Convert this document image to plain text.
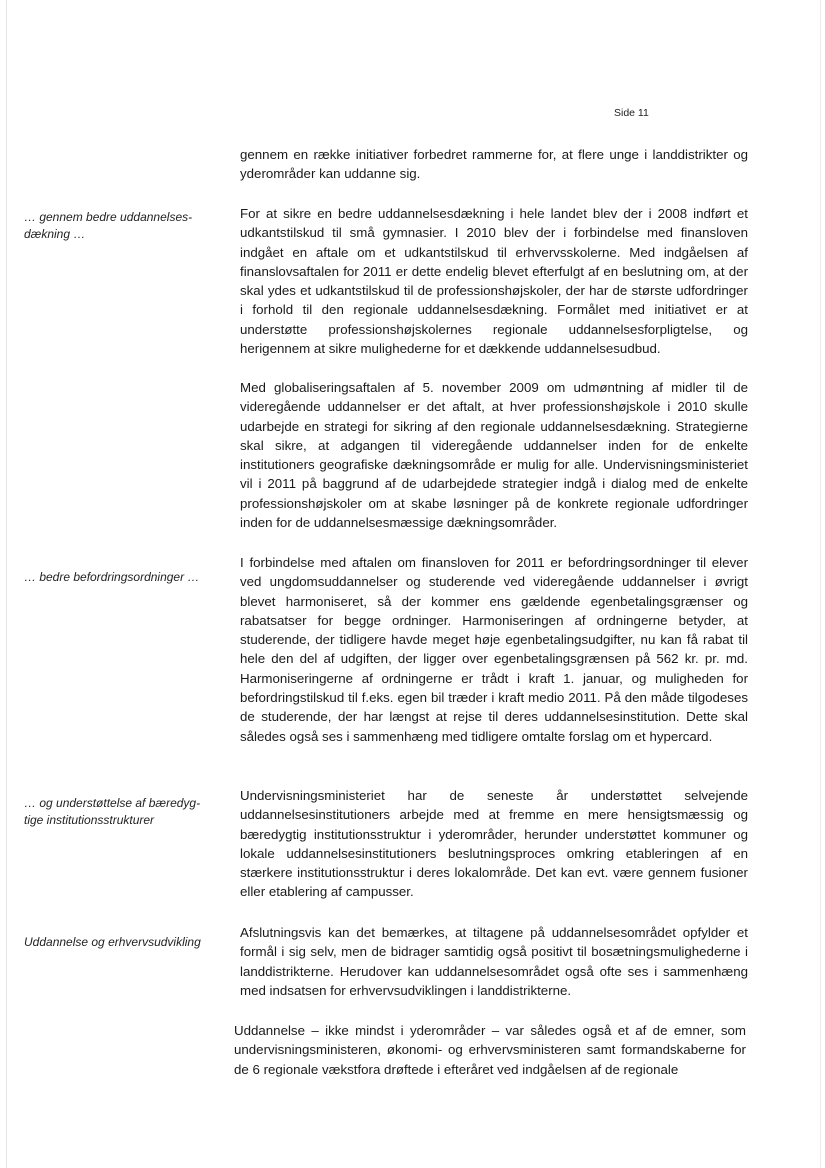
Side 11
… gennem bedre uddannelses-
dækning …
… bedre befordringsordninger …
… og understøttelse af bæredyg-
tige institutionsstrukturer
Uddannelse og erhvervsudvikling
gennem en række initiativer forbedret rammerne for, at flere unge i landdistrikter og yderområder kan uddanne sig.
For at sikre en bedre uddannelsesdækning i hele landet blev der i 2008 indført et udkantstilskud til små gymnasier. I 2010 blev der i forbindelse med finansloven indgået en aftale om et udkantstilskud til erhvervsskolerne. Med indgåelsen af finanslovsaftalen for 2011 er dette endelig blevet efterfulgt af en beslutning om, at der skal ydes et udkantstilskud til de professionshøjskoler, der har de største udfordringer i forhold til den regionale uddannelsesdækning. Formålet med initiativet er at understøtte professionshøjskolernes regionale uddannelsesforpligtelse, og herigennem at sikre mulighederne for et dækkende uddannelsesudbud.
Med globaliseringsaftalen af 5. november 2009 om udmøntning af midler til de videregående uddannelser er det aftalt, at hver professionshøjskole i 2010 skulle udarbejde en strategi for sikring af den regionale uddannelsesdækning. Strategierne skal sikre, at adgangen til videregående uddannelser inden for de enkelte institutioners geografiske dækningsområde er mulig for alle. Undervisningsministeriet vil i 2011 på baggrund af de udarbejdede strategier indgå i dialog med de enkelte professionshøjskoler om at skabe løsninger på de konkrete regionale udfordringer inden for de uddannelsesmæssige dækningsområder.
I forbindelse med aftalen om finansloven for 2011 er befordringsordninger til elever ved ungdomsuddannelser og studerende ved videregående uddannelser i øvrigt blevet harmoniseret, så der kommer ens gældende egenbetalingsgrænser og rabatsatser for begge ordninger. Harmoniseringen af ordningerne betyder, at studerende, der tidligere havde meget høje egenbetalingsudgifter, nu kan få rabat til hele den del af udgiften, der ligger over egenbetalingsgrænsen på 562 kr. pr. md. Harmoniseringerne af ordningerne er trådt i kraft 1. januar, og muligheden for befordringstilskud til f.eks. egen bil træder i kraft medio 2011. På den måde tilgodeses de studerende, der har længst at rejse til deres uddannelsesinstitution. Dette skal således også ses i sammenhæng med tidligere omtalte forslag om et hypercard.
Undervisningsministeriet har de seneste år understøttet selvejende uddannelsesinstitutioners arbejde med at fremme en mere hensigtsmæssig og bæredygtig institutionsstruktur i yderområder, herunder understøttet kommuner og lokale uddannelsesinstitutioners beslutningsproces omkring etableringen af en stærkere institutionsstruktur i deres lokalområde. Det kan evt. være gennem fusioner eller etablering af campusser.
Afslutningsvis kan det bemærkes, at tiltagene på uddannelsesområdet opfylder et formål i sig selv, men de bidrager samtidig også positivt til bosætningsmulighederne i landdistrikterne. Herudover kan uddannelsesområdet også ofte ses i sammenhæng med indsatsen for erhvervsudviklingen i landdistrikterne.
Uddannelse – ikke mindst i yderområder – var således også et af de emner, som undervisningsministeren, økonomi- og erhvervsministeren samt formandskaberne for de 6 regionale vækstfora drøftede i efteråret ved indgåelsen af de regionale
